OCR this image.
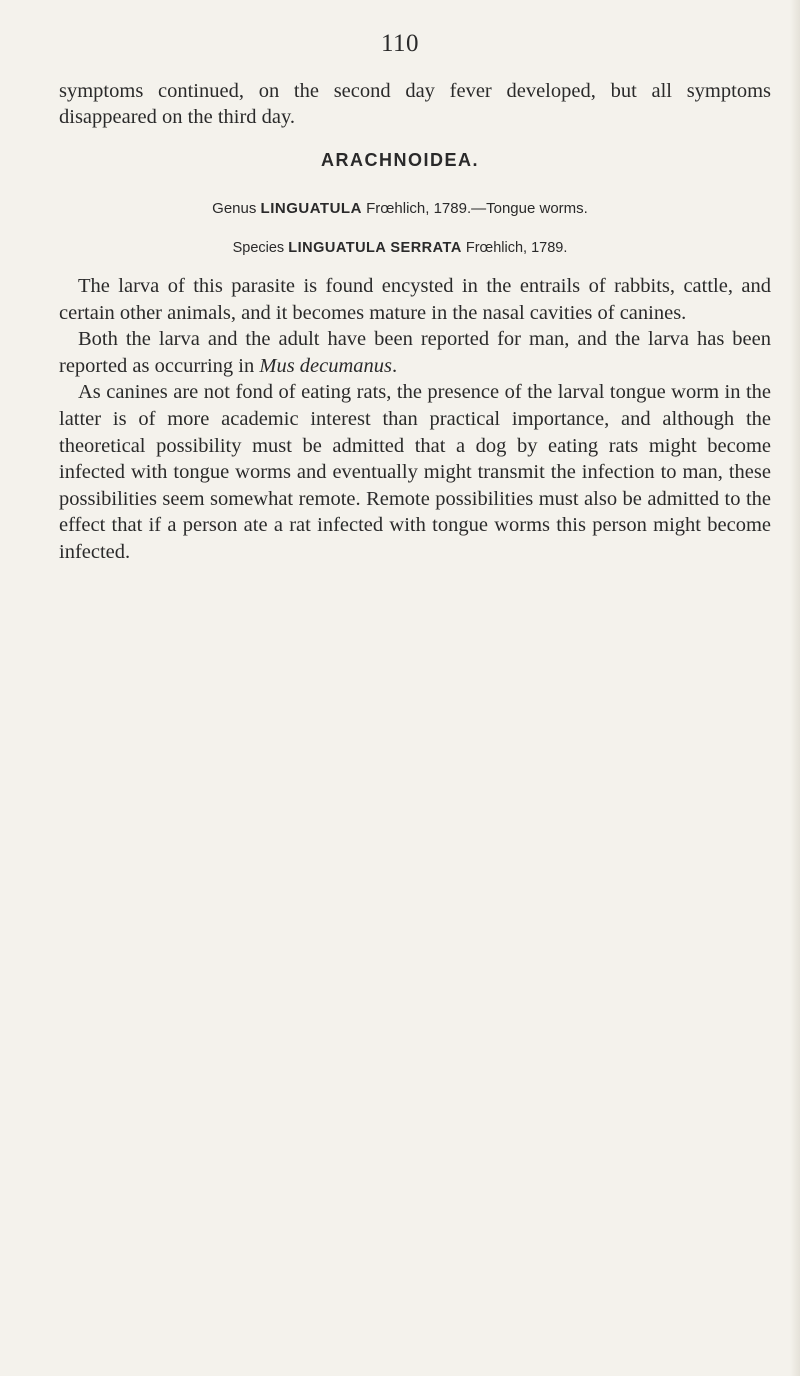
110
symptoms continued, on the second day fever developed, but all symptoms disappeared on the third day.
ARACHNOIDEA.
Genus LINGUATULA Frœhlich, 1789.—Tongue worms.
Species LINGUATULA SERRATA Frœhlich, 1789.

The larva of this parasite is found encysted in the entrails of rabbits, cattle, and certain other animals, and it becomes mature in the nasal cavities of canines.

Both the larva and the adult have been reported for man, and the larva has been reported as occurring in Mus decumanus.

As canines are not fond of eating rats, the presence of the larval tongue worm in the latter is of more academic interest than practical importance, and although the theoretical possibility must be admitted that a dog by eating rats might become infected with tongue worms and eventually might transmit the infection to man, these possibilities seem somewhat remote. Remote possibilities must also be admitted to the effect that if a person ate a rat infected with tongue worms this person might become infected.
